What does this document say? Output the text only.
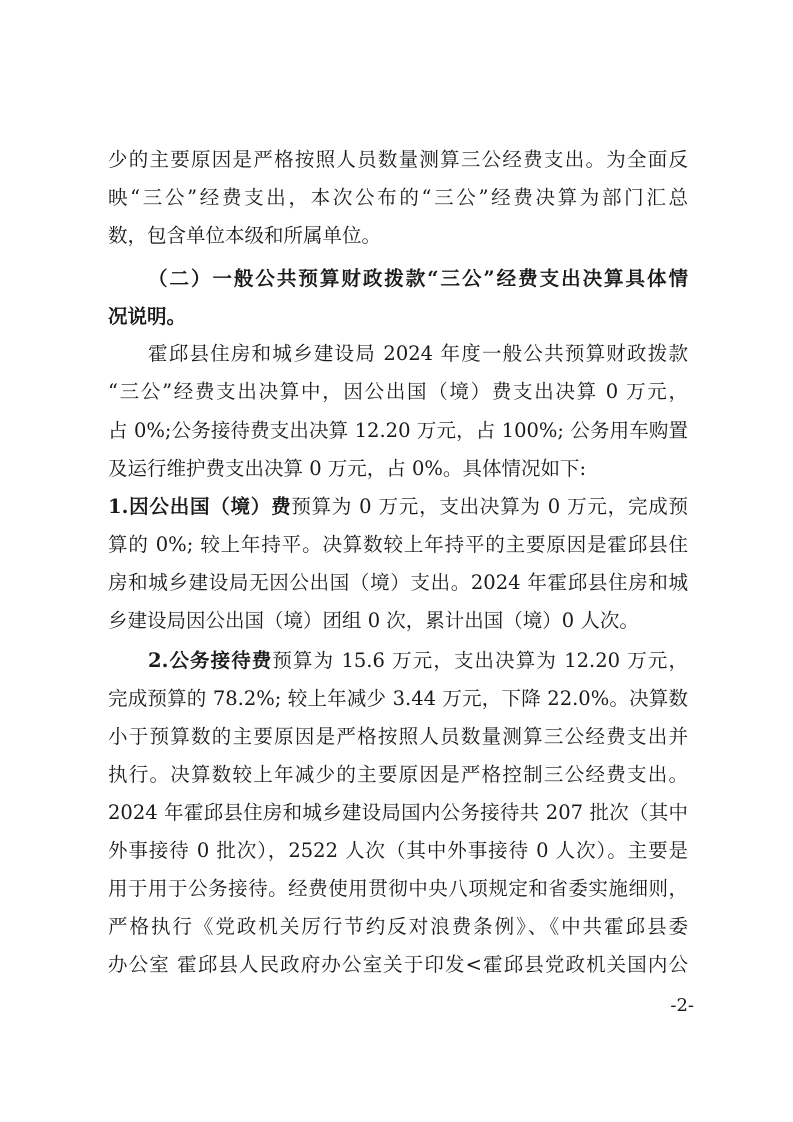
少的主要原因是严格按照人员数量测算三公经费支出。为全面反
映“三公”经费支出，本次公布的“三公”经费决算为部门汇总
数，包含单位本级和所属单位。
（二）一般公共预算财政拨款“三公”经费支出决算具体情
况说明。
霍邱县住房和城乡建设局 2024 年度一般公共预算财政拨款
“三公”经费支出决算中，因公出国（境）费支出决算 0 万元，
占 0%;公务接待费支出决算 12.20 万元，占 100%; 公务用车购置
及运行维护费支出决算 0 万元，占 0%。具体情况如下:
1.因公出国（境）费预算为 0 万元，支出决算为 0 万元，完成预
算的 0%; 较上年持平。决算数较上年持平的主要原因是霍邱县住
房和城乡建设局无因公出国（境）支出。2024 年霍邱县住房和城
乡建设局因公出国（境）团组 0 次，累计出国（境）0 人次。
2.公务接待费预算为 15.6 万元，支出决算为 12.20 万元，
完成预算的 78.2%; 较上年减少 3.44 万元，下降 22.0%。决算数
小于预算数的主要原因是严格按照人员数量测算三公经费支出并
执行。决算数较上年减少的主要原因是严格控制三公经费支出。
2024 年霍邱县住房和城乡建设局国内公务接待共 207 批次（其中
外事接待 0 批次），2522 人次（其中外事接待 0 人次）。主要是
用于用于公务接待。经费使用贯彻中央八项规定和省委实施细则，
严格执行《党政机关厉行节约反对浪费条例》、《中共霍邱县委
办公室 霍邱县人民政府办公室关于印发<霍邱县党政机关国内公
-2-
